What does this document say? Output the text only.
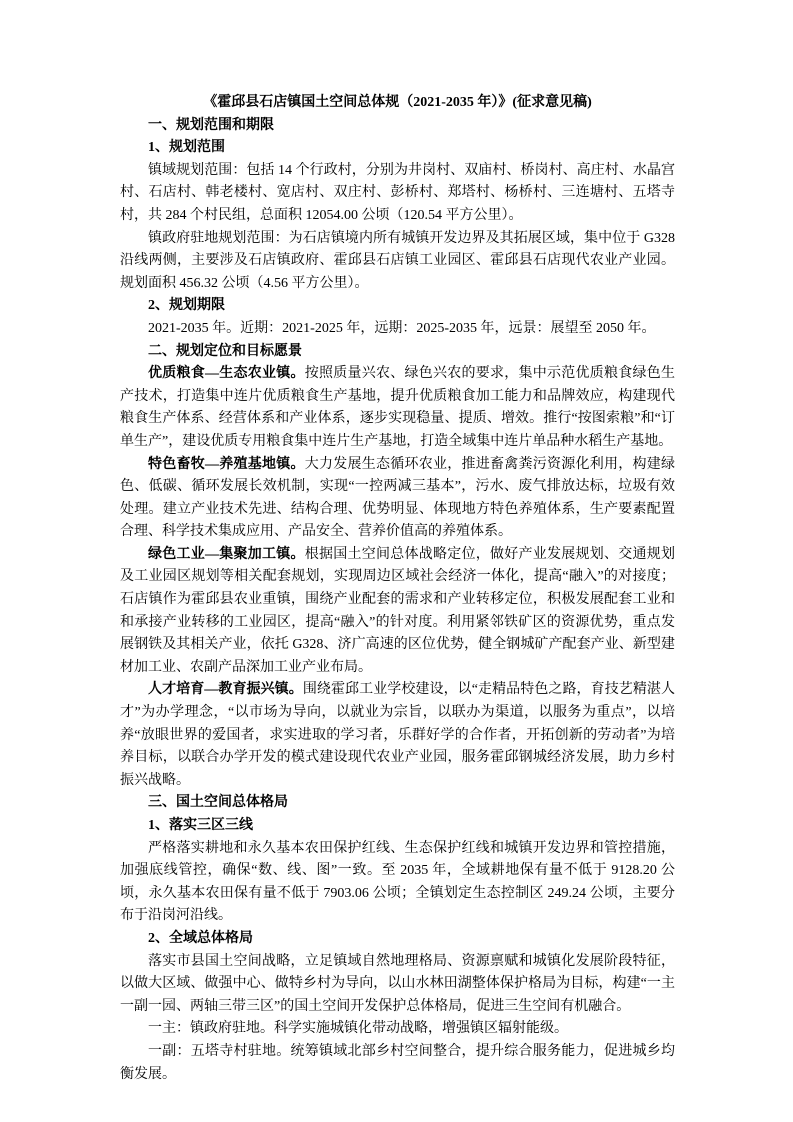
《霍邱县石店镇国土空间总体规（2021-2035 年）》(征求意见稿)

一、规划范围和期限

1、规划范围

镇域规划范围：包括 14 个行政村，分别为井岗村、双庙村、桥岗村、高庄村、水晶宫村、石店村、韩老楼村、宽店村、双庄村、彭桥村、郑塔村、杨桥村、三连塘村、五塔寺村，共 284 个村民组，总面积 12054.00 公顷（120.54 平方公里）。

镇政府驻地规划范围：为石店镇境内所有城镇开发边界及其拓展区域，集中位于 G328 沿线两侧，主要涉及石店镇政府、霍邱县石店镇工业园区、霍邱县石店现代农业产业园。规划面积 456.32 公顷（4.56 平方公里）。

2、规划期限

2021-2035 年。近期：2021-2025 年，远期：2025-2035 年，远景：展望至 2050 年。

二、规划定位和目标愿景

优质粮食—生态农业镇。按照质量兴农、绿色兴农的要求，集中示范优质粮食绿色生产技术，打造集中连片优质粮食生产基地，提升优质粮食加工能力和品牌效应，构建现代粮食生产体系、经营体系和产业体系，逐步实现稳量、提质、增效。推行“按图索粮”和“订单生产”，建设优质专用粮食集中连片生产基地，打造全域集中连片单品种水稻生产基地。

特色畜牧—养殖基地镇。大力发展生态循环农业，推进畜禽粪污资源化利用，构建绿色、低碳、循环发展长效机制，实现“一控两减三基本”，污水、废气排放达标，垃圾有效处理。建立产业技术先进、结构合理、优势明显、体现地方特色养殖体系，生产要素配置合理、科学技术集成应用、产品安全、营养价值高的养殖体系。

绿色工业—集聚加工镇。根据国土空间总体战略定位，做好产业发展规划、交通规划及工业园区规划等相关配套规划，实现周边区域社会经济一体化，提高“融入”的对接度；石店镇作为霍邱县农业重镇，围绕产业配套的需求和产业转移定位，积极发展配套工业和和承接产业转移的工业园区，提高“融入”的针对度。利用紧邻铁矿区的资源优势，重点发展钢铁及其相关产业，依托 G328、济广高速的区位优势，健全钢城矿产配套产业、新型建材加工业、农副产品深加工业产业布局。

人才培育—教育振兴镇。围绕霍邱工业学校建设，以“走精品特色之路，育技艺精湛人才”为办学理念，“以市场为导向，以就业为宗旨，以联办为渠道，以服务为重点”，以培养“放眼世界的爱国者，求实进取的学习者，乐群好学的合作者，开拓创新的劳动者”为培养目标，以联合办学开发的模式建设现代农业产业园，服务霍邱钢城经济发展，助力乡村振兴战略。

三、国土空间总体格局

1、落实三区三线

严格落实耕地和永久基本农田保护红线、生态保护红线和城镇开发边界和管控措施，加强底线管控，确保“数、线、图”一致。至 2035 年，全域耕地保有量不低于 9128.20 公顷，永久基本农田保有量不低于 7903.06 公顷；全镇划定生态控制区 249.24 公顷，主要分布于沿岗河沿线。

2、全域总体格局

落实市县国土空间战略，立足镇域自然地理格局、资源禀赋和城镇化发展阶段特征，以做大区域、做强中心、做特乡村为导向，以山水林田湖整体保护格局为目标，构建“一主一副一园、两轴三带三区”的国土空间开发保护总体格局，促进三生空间有机融合。

一主：镇政府驻地。科学实施城镇化带动战略，增强镇区辐射能级。

一副：五塔寺村驻地。统筹镇域北部乡村空间整合，提升综合服务能力，促进城乡均衡发展。
